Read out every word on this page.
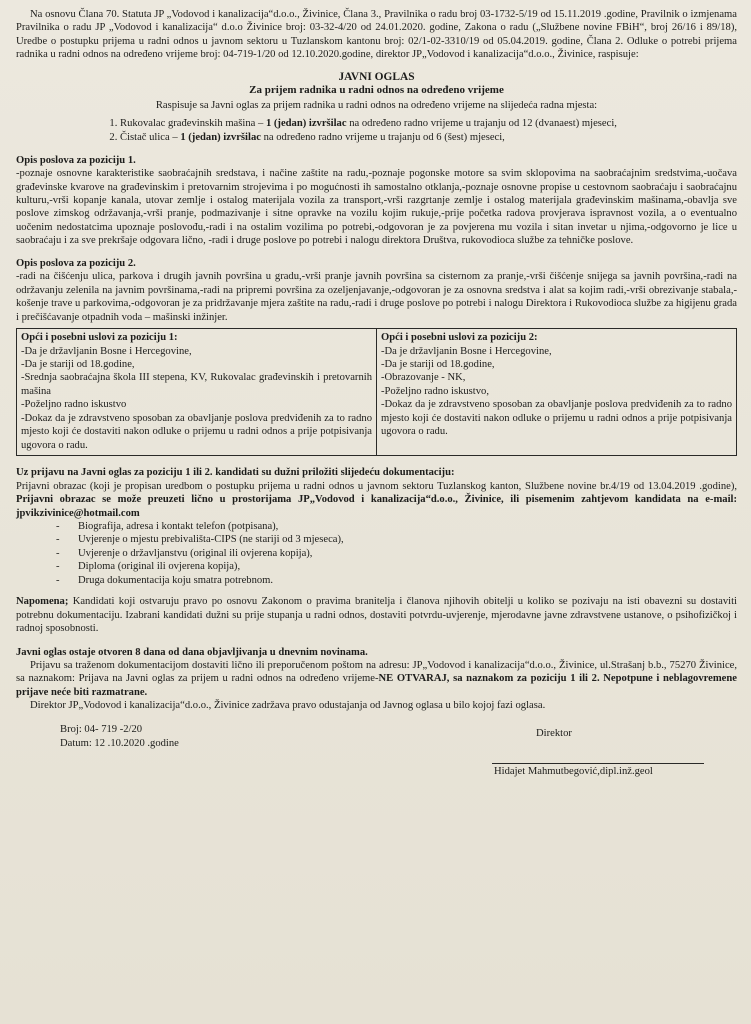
Na osnovu Člana 70. Statuta JP „Vodovod i kanalizacija“d.o.o., Živinice, Člana 3., Pravilnika o radu broj 03-1732-5/19 od 15.11.2019 .godine, Pravilnik o izmjenama Pravilnika o radu JP „Vodovod i kanalizacija“ d.o.o Živinice broj: 03-32-4/20 od 24.01.2020. godine, Zakona o radu („Službene novine FBiH“, broj 26/16 i 89/18), Uredbe o postupku prijema u radni odnos u javnom sektoru u Tuzlanskom kantonu broj: 02/1-02-3310/19 od 05.04.2019. godine, Člana 2. Odluke o potrebi prijema radnika u radni odnos na određeno vrijeme broj: 04-719-1/20 od 12.10.2020.godine, direktor JP„Vodovod i kanalizacija“d.o.o., Živinice, raspisuje:

JAVNI OGLAS

Za prijem radnika u radni odnos na određeno vrijeme

Raspisuje sa Javni oglas za prijem radnika u radni odnos na određeno vrijeme na slijedeća radna mjesta:

1. Rukovalac građevinskih mašina – 1 (jedan) izvršilac na određeno radno vrijeme u trajanju od 12 (dvanaest) mjeseci,
2. Čistač ulica – 1 (jedan) izvršilac na određeno radno vrijeme u trajanju od 6 (šest) mjeseci,

Opis poslova za poziciju 1.

-poznaje osnovne karakteristike saobraćajnih sredstava, i načine zaštite na radu,-poznaje pogonske motore sa svim sklopovima na saobraćajnim sredstvima,-uočava građevinske kvarove na građevinskim i pretovarnim strojevima i po mogućnosti ih samostalno otklanja,-poznaje osnovne propise u cestovnom saobraćaju i saobraćajnu kulturu,-vrši kopanje kanala, utovar zemlje i ostalog materijala vozila za transport,-vrši razgrtanje zemlje i ostalog materijala građevinskim mašinama,-obavlja sve poslove zimskog održavanja,-vrši pranje, podmazivanje i sitne opravke na vozilu kojim rukuje,-prije početka radova provjerava ispravnost vozila, a o eventualno uočenim nedostatcima upoznaje poslovođu,-radi i na ostalim vozilima po potrebi,-odgovoran je za povjerena mu vozila i sitan invetar u njima,-odgovorno je lice u saobraćaju i za sve prekršaje odgovara lično, -radi i druge poslove po potrebi i nalogu direktora Društva, rukovodioca službe za tehničke poslove.

Opis poslova za poziciju 2.

-radi na čišćenju ulica, parkova i drugih javnih površina u gradu,-vrši pranje javnih površina sa cisternom za pranje,-vrši čišćenje snijega sa javnih površina,-radi na održavanju zelenila na javnim površinama,-radi na pripremi površina za ozeljenjavanje,-odgovoran je za osnovna sredstva i alat sa kojim radi,-vrši obrezivanje stabala,-košenje trave u parkovima,-odgovoran je za pridržavanje mjera zaštite na radu,-radi i druge poslove po potrebi i nalogu Direktora i Rukovodioca službe za higijenu grada i prečišćavanje otpadnih voda – mašinski inžinjer.

Opći i posebni uslovi za poziciju 1:
-Da je državljanin Bosne i Hercegovine,
-Da je stariji od 18.godine,
-Srednja saobraćajna škola III stepena, KV, Rukovalac građevinskih i pretovarnih mašina
-Poželjno radno iskustvo
-Dokaz da je zdravstveno sposoban za obavljanje poslova predviđenih za to radno mjesto koji će dostaviti nakon odluke o prijemu u radni odnos a prije potpisivanja ugovora o radu.

Opći i posebni uslovi za poziciju 2:
-Da je državljanin Bosne i Hercegovine,
-Da je stariji od 18.godine,
-Obrazovanje - NK,
-Poželjno radno iskustvo,
-Dokaz da je zdravstveno sposoban za obavljanje poslova predviđenih za to radno mjesto koji će dostaviti nakon odluke o prijemu u radni odnos a prije potpisivanja ugovora o radu.

Uz prijavu na Javni oglas za poziciju 1 ili 2. kandidati su dužni priložiti slijedeću dokumentaciju:

Prijavni obrazac (koji je propisan uredbom o postupku prijema u radni odnos u javnom sektoru Tuzlanskog kanton, Službene novine br.4/19 od 13.04.2019 .godine), Prijavni obrazac se može preuzeti lično u prostorijama JP„Vodovod i kanalizacija“d.o.o., Živinice, ili pisemenim zahtjevom kandidata na e-mail: jpvikzivinice@hotmail.com

- Biografija, adresa i kontakt telefon (potpisana),
- Uvjerenje o mjestu prebivališta-CIPS (ne stariji od 3 mjeseca),
- Uvjerenje o državljanstvu (original ili ovjerena kopija),
- Diploma (original ili ovjerena kopija),
- Druga dokumentacija koju smatra potrebnom.

Napomena; Kandidati koji ostvaruju pravo po osnovu Zakonom o pravima branitelja i članova njihovih obitelji u koliko se pozivaju na isti obavezni su dostaviti potrebnu dokumentaciju. Izabrani kandidati dužni su prije stupanja u radni odnos, dostaviti potvrdu-uvjerenje, mjerodavne javne zdravstvene ustanove, o psihofizičkoj i radnoj sposobnosti.

Javni oglas ostaje otvoren 8 dana od dana objavljivanja u dnevnim novinama.

Prijavu sa traženom dokumentacijom dostaviti lično ili preporučenom poštom na adresu: JP„Vodovod i kanalizacija“d.o.o., Živinice, ul.Strašanj b.b., 75270 Živinice, sa naznakom: Prijava na Javni oglas za prijem u radni odnos na određeno vrijeme-NE OTVARAJ, sa naznakom za poziciju 1 ili 2. Nepotpune i neblagovremene prijave neće biti razmatrane.

Direktor JP„Vodovod i kanalizacija“d.o.o., Živinice zadržava pravo odustajanja od Javnog oglasa u bilo kojoj fazi oglasa.

Broj: 04- 719 -2/20
Datum: 12 .10.2020 .godine
Direktor
Hidajet Mahmutbegović,dipl.inž.geol
